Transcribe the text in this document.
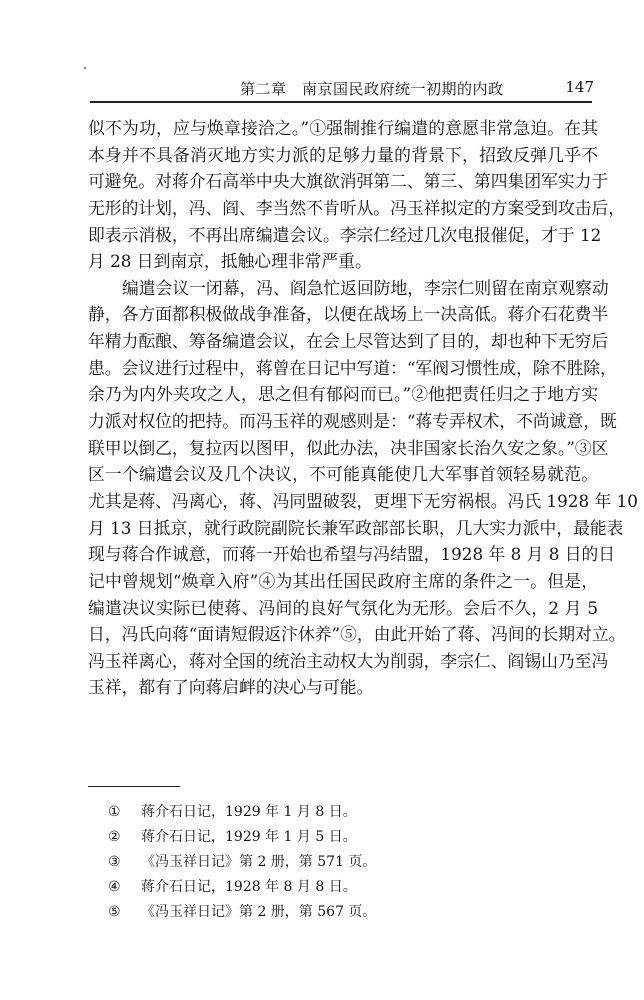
第二章　南京国民政府统一初期的内政	147
似不为功，应与焕章接洽之。”①强制推行编遣的意愿非常急迫。在其
本身并不具备消灭地方实力派的足够力量的背景下，招致反弹几乎不
可避免。对蒋介石高举中央大旗欲消弭第二、第三、第四集团军实力于
无形的计划，冯、阎、李当然不肯听从。冯玉祥拟定的方案受到攻击后，
即表示消极，不再出席编遣会议。李宗仁经过几次电报催促，才于 12
月 28 日到南京，抵触心理非常严重。
编遣会议一闭幕，冯、阎急忙返回防地，李宗仁则留在南京观察动
静，各方面都积极做战争准备，以便在战场上一决高低。蒋介石花费半
年精力酝酿、筹备编遣会议，在会上尽管达到了目的，却也种下无穷后
患。会议进行过程中，蒋曾在日记中写道：“军阀习惯性成，除不胜除，
余乃为内外夹攻之人，思之但有郁闷而已。”②他把责任归之于地方实
力派对权位的把持。而冯玉祥的观感则是：“蒋专弄权术，不尚诚意，既
联甲以倒乙，复拉丙以图甲，似此办法，决非国家长治久安之象。”③区
区一个编遣会议及几个决议，不可能真能使几大军事首领轻易就范。
尤其是蒋、冯离心，蒋、冯同盟破裂，更埋下无穷祸根。冯氏 1928 年 10
月 13 日抵京，就行政院副院长兼军政部部长职，几大实力派中，最能表
现与蒋合作诚意，而蒋一开始也希望与冯结盟，1928 年 8 月 8 日的日
记中曾规划“焕章入府”④为其出任国民政府主席的条件之一。但是，
编遣决议实际已使蒋、冯间的良好气氛化为无形。会后不久，2 月 5
日，冯氏向蒋“面请短假返汴休养”⑤，由此开始了蒋、冯间的长期对立。
冯玉祥离心，蒋对全国的统治主动权大为削弱，李宗仁、阎锡山乃至冯
玉祥，都有了向蒋启衅的决心与可能。
① 蒋介石日记，1929 年 1 月 8 日。
② 蒋介石日记，1929 年 1 月 5 日。
③ 《冯玉祥日记》第 2 册，第 571 页。
④ 蒋介石日记，1928 年 8 月 8 日。
⑤ 《冯玉祥日记》第 2 册，第 567 页。
